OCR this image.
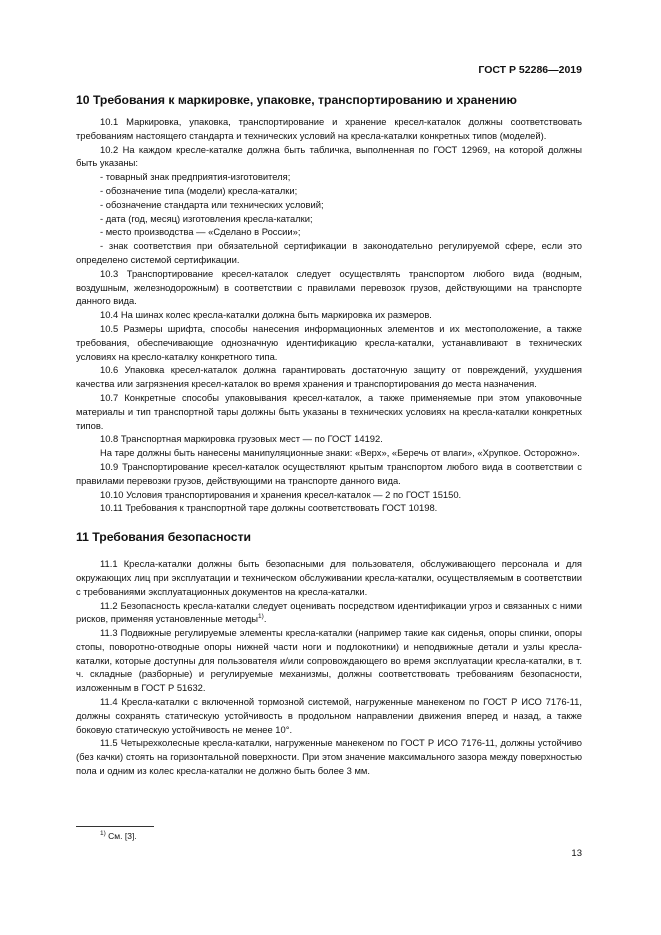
ГОСТ Р 52286—2019
10 Требования к маркировке, упаковке, транспортированию и хранению

10.1 Маркировка, упаковка, транспортирование и хранение кресел-каталок должны соответствовать требованиям настоящего стандарта и технических условий на кресла-каталки конкретных типов (моделей).

10.2 На каждом кресле-каталке должна быть табличка, выполненная по ГОСТ 12969, на которой должны быть указаны:

- товарный знак предприятия-изготовителя;

- обозначение типа (модели) кресла-каталки;

- обозначение стандарта или технических условий;

- дата (год, месяц) изготовления кресла-каталки;

- место производства — «Сделано в России»;

- знак соответствия при обязательной сертификации в законодательно регулируемой сфере, если это определено системой сертификации.

10.3 Транспортирование кресел-каталок следует осуществлять транспортом любого вида (водным, воздушным, железнодорожным) в соответствии с правилами перевозок грузов, действующими на транспорте данного вида.

10.4 На шинах колес кресла-каталки должна быть маркировка их размеров.

10.5 Размеры шрифта, способы нанесения информационных элементов и их местоположение, а также требования, обеспечивающие однозначную идентификацию кресла-каталки, устанавливают в технических условиях на кресло-каталку конкретного типа.

10.6 Упаковка кресел-каталок должна гарантировать достаточную защиту от повреждений, ухудшения качества или загрязнения кресел-каталок во время хранения и транспортирования до места назначения.

10.7 Конкретные способы упаковывания кресел-каталок, а также применяемые при этом упаковочные материалы и тип транспортной тары должны быть указаны в технических условиях на кресла-каталки конкретных типов.

10.8 Транспортная маркировка грузовых мест — по ГОСТ 14192.

На таре должны быть нанесены манипуляционные знаки: «Верх», «Беречь от влаги», «Хрупкое. Осторожно».

10.9 Транспортирование кресел-каталок осуществляют крытым транспортом любого вида в соответствии с правилами перевозки грузов, действующими на транспорте данного вида.

10.10 Условия транспортирования и хранения кресел-каталок — 2 по ГОСТ 15150.

10.11 Требования к транспортной таре должны соответствовать ГОСТ 10198.

11 Требования безопасности

11.1 Кресла-каталки должны быть безопасными для пользователя, обслуживающего персонала и для окружающих лиц при эксплуатации и техническом обслуживании кресла-каталки, осуществляемым в соответствии с требованиями эксплуатационных документов на кресла-каталки.

11.2 Безопасность кресла-каталки следует оценивать посредством идентификации угроз и связанных с ними рисков, применяя установленные методы$^{1)}$.

11.3 Подвижные регулируемые элементы кресла-каталки (например такие как сиденья, опоры спинки, опоры стопы, поворотно-отводные опоры нижней части ноги и подлокотники) и неподвижные детали и узлы кресла-каталки, которые доступны для пользователя и/или сопровождающего во время эксплуатации кресла-каталки, в т. ч. складные (разборные) и регулируемые механизмы, должны соответствовать требованиям безопасности, изложенным в ГОСТ Р 51632.

11.4 Кресла-каталки с включенной тормозной системой, нагруженные манекеном по ГОСТ Р ИСО 7176-11, должны сохранять статическую устойчивость в продольном направлении движения вперед и назад, а также боковую статическую устойчивость не менее 10°.

11.5 Четырехколесные кресла-каталки, нагруженные манекеном по ГОСТ Р ИСО 7176-11, должны устойчиво (без качки) стоять на горизонтальной поверхности. При этом значение максимального зазора между поверхностью пола и одним из колес кресла-каталки не должно быть более 3 мм.

$^{1)}$ См. [3].
13
